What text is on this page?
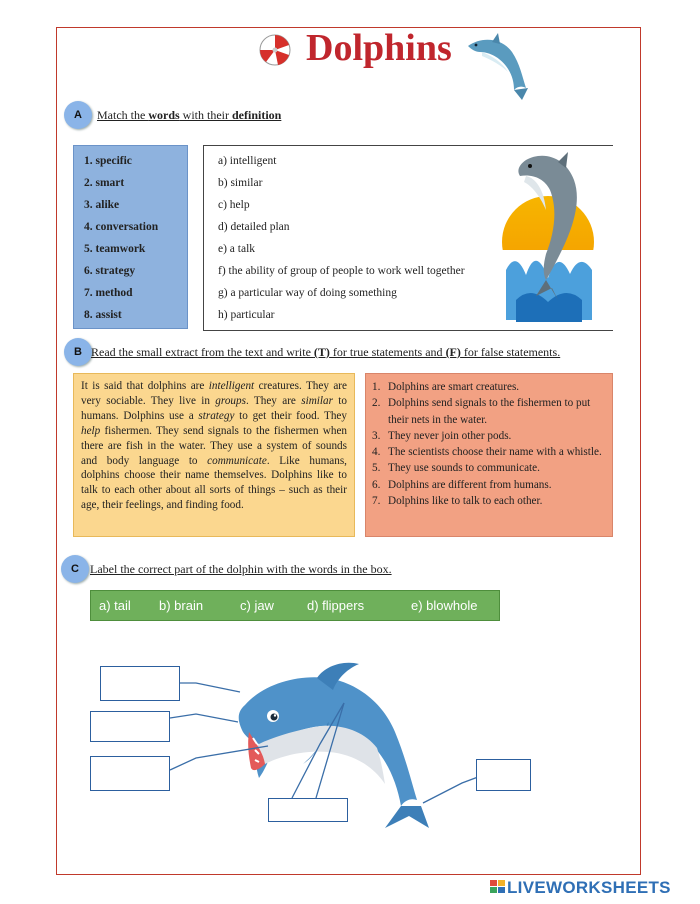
Dolphins
A	Match the words with their definition
1. specific
2. smart
3. alike
4. conversation
5. teamwork
6. strategy
7. method
8. assist
a) intelligent
b) similar
c) help
d) detailed plan
e) a talk
f) the ability of group of people to work well together
g) a particular way of doing something
h) particular
B Read the small extract from the text and write (T) for true statements and (F) for false statements.
It is said that dolphins are intelligent creatures. They are very sociable. They live in groups. They are similar to humans. Dolphins use a strategy to get their food. They help fishermen. They send signals to the fishermen when there are fish in the water. They use a system of sounds and body language to communicate. Like humans, dolphins choose their name themselves. Dolphins like to talk to each other about all sorts of things – such as their age, their feelings, and finding food.
1. Dolphins are smart creatures.
2. Dolphins send signals to the fishermen to put their nets in the water.
3. They never join other pods.
4. The scientists choose their name with a whistle.
5. They use sounds to communicate.
6. Dolphins are different from humans.
7. Dolphins like to talk to each other.
C Label the correct part of the dolphin with the words in the box.
a) tail	b) brain	c) jaw	d) flippers	e) blowhole
LIVEWORKSHEETS
